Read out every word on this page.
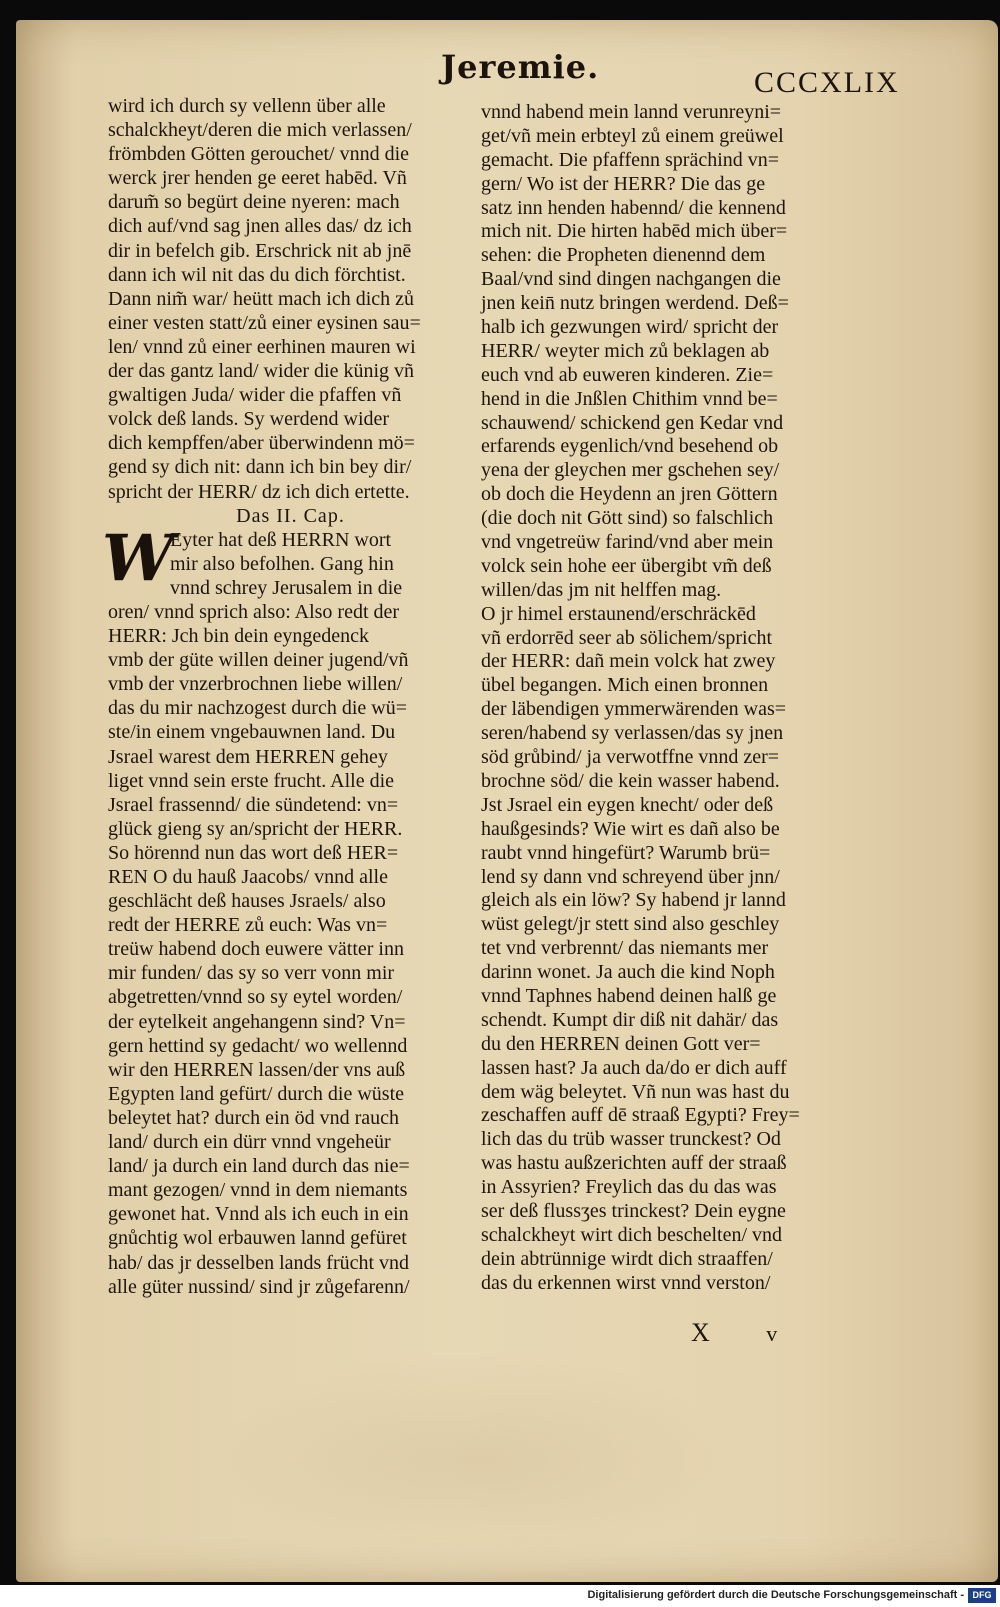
Jeremie.	CCCXLIX
W
wird ich durch sy vellenn über alle
schalckheyt/deren die mich verlassen/
frömbden Götten gerouchet/ vnnd die
werck jrer henden ge eeret habēd. Vñ
darum̃ so begürt deine nyeren: mach
dich auf/vnd sag jnen alles das/ dz ich
dir in befelch gib. Erschrick nit ab jnē
dann ich wil nit das du dich förchtist.
Dann nim̃ war/ heütt mach ich dich zů
einer vesten statt/zů einer eysinen sau=
len/ vnnd zů einer eerhinen mauren wi
der das gantz land/ wider die künig vñ
gwaltigen Juda/ wider die pfaffen vñ
volck deß lands. Sy werdend wider
dich kempffen/aber überwindenn mö=
gend sy dich nit: dann ich bin bey dir/
spricht der HERR/ dz ich dich ertette.
Das II. Cap.
Eyter hat deß HERRN wort
mir also befolhen. Gang hin
vnnd schrey Jerusalem in die
oren/ vnnd sprich also: Also redt der
HERR: Jch bin dein eyngedenck
vmb der güte willen deiner jugend/vñ
vmb der vnzerbrochnen liebe willen/
das du mir nachzogest durch die wü=
ste/in einem vngebauwnen land. Du
Jsrael warest dem HERREN gehey
liget vnnd sein erste frucht. Alle die
Jsrael frassennd/ die sündetend: vn=
glück gieng sy an/spricht der HERR.
So hörennd nun das wort deß HER=
REN O du hauß Jaacobs/ vnnd alle
geschlächt deß hauses Jsraels/ also
redt der HERRE zů euch: Was vn=
treüw habend doch euwere vätter inn
mir funden/ das sy so verr vonn mir
abgetretten/vnnd so sy eytel worden/
der eytelkeit angehangenn sind? Vn=
gern hettind sy gedacht/ wo wellennd
wir den HERREN lassen/der vns auß
Egypten land gefürt/ durch die wüste
beleytet hat? durch ein öd vnd rauch
land/ durch ein dürr vnnd vngeheür
land/ ja durch ein land durch das nie=
mant gezogen/ vnnd in dem niemants
gewonet hat. Vnnd als ich euch in ein
gnůchtig wol erbauwen lannd gefüret
hab/ das jr desselben lands frücht vnd
alle güter nussind/ sind jr zůgefarenn/
vnnd habend mein lannd verunreyni=
get/vñ mein erbteyl zů einem greüwel
gemacht. Die pfaffenn sprächind vn=
gern/ Wo ist der HERR? Die das ge
satz inn henden habennd/ die kennend
mich nit. Die hirten habēd mich über=
sehen: die Propheten dienennd dem
Baal/vnd sind dingen nachgangen die
jnen kein̄ nutz bringen werdend. Deß=
halb ich gezwungen wird/ spricht der
HERR/ weyter mich zů beklagen ab
euch vnd ab euweren kinderen. Zie=
hend in die Jnßlen Chithim vnnd be=
schauwend/ schickend gen Kedar vnd
erfarends eygenlich/vnd besehend ob
yena der gleychen mer gschehen sey/
ob doch die Heydenn an jren Göttern
(die doch nit Gött sind) so falschlich
vnd vngetreüw farind/vnd aber mein
volck sein hohe eer übergibt vm̃ deß
willen/das jm nit helffen mag.
O jr himel erstaunend/erschräckēd
vñ erdorrēd seer ab sölichem/spricht
der HERR: dañ mein volck hat zwey
übel begangen. Mich einen bronnen
der läbendigen ymmerwärenden was=
seren/habend sy verlassen/das sy jnen
söd grůbind/ ja verwotffne vnnd zer=
brochne söd/ die kein wasser habend.
Jst Jsrael ein eygen knecht/ oder deß
haußgesinds? Wie wirt es dañ also be
raubt vnnd hingefürt? Warumb brü=
lend sy dann vnd schreyend über jnn/
gleich als ein löw? Sy habend jr lannd
wüst gelegt/jr stett sind also geschley
tet vnd verbrennt/ das niemants mer
darinn wonet. Ja auch die kind Noph
vnnd Taphnes habend deinen halß ge
schendt. Kumpt dir diß nit dahär/ das
du den HERREN deinen Gott ver=
lassen hast? Ja auch da/do er dich auff
dem wäg beleytet. Vñ nun was hast du
zeschaffen auff dē straaß Egypti? Frey=
lich das du trüb wasser trunckest? Od
was hastu außzerichten auff der straaß
in Assyrien? Freylich das du das was
ser deß flussʒes trinckest? Dein eygne
schalckheyt wirt dich beschelten/ vnd
dein abtrünnige wirdt dich straaffen/
das du erkennen wirst vnnd verston/
X v
Digitalisierung gefördert durch die Deutsche Forschungsgemeinschaft - DFG
